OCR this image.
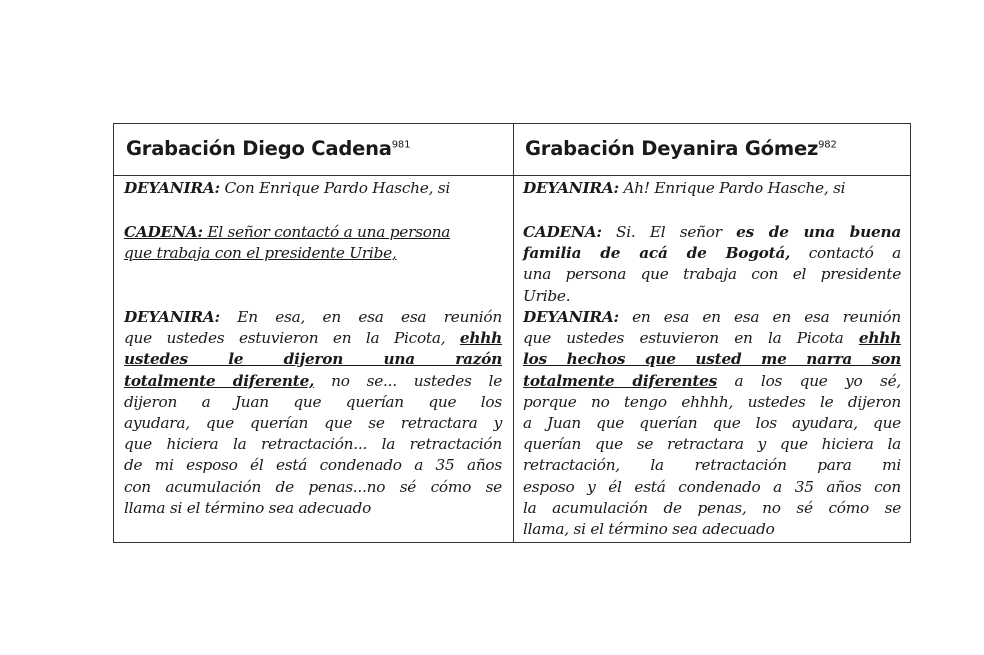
Grabación Diego Cadena$^{981}$	Grabación Deyanira Gómez$^{982}$

DEYANIRA: Con Enrique Pardo Hasche, si

CADENA: El señor contactó a una persona

que trabaja con el presidente Uribe,

DEYANIRA: En esa, en esa esa reunión

que ustedes estuvieron en la Picota, ehhh

ustedes le dijeron una razón

totalmente diferente, no se... ustedes le

dijeron a Juan que querían que los

ayudara, que querían que se retractara y

que hiciera la retractación... la retractación

de mi esposo él está condenado a 35 años

con acumulación de penas...no sé cómo se

llama si el término sea adecuado

DEYANIRA: Ah! Enrique Pardo Hasche, si

CADENA: Si. El señor es de una buena

familia de acá de Bogotá, contactó a

una persona que trabaja con el presidente

Uribe.

DEYANIRA: en esa en esa en esa reunión

que ustedes estuvieron en la Picota ehhh

los hechos que usted me narra son

totalmente diferentes a los que yo sé,

porque no tengo ehhhh, ustedes le dijeron

a Juan que querían que los ayudara, que

querían que se retractara y que hiciera la

retractación, la retractación para mi

esposo y él está condenado a 35 años con

la acumulación de penas, no sé cómo se

llama, si el término sea adecuado
